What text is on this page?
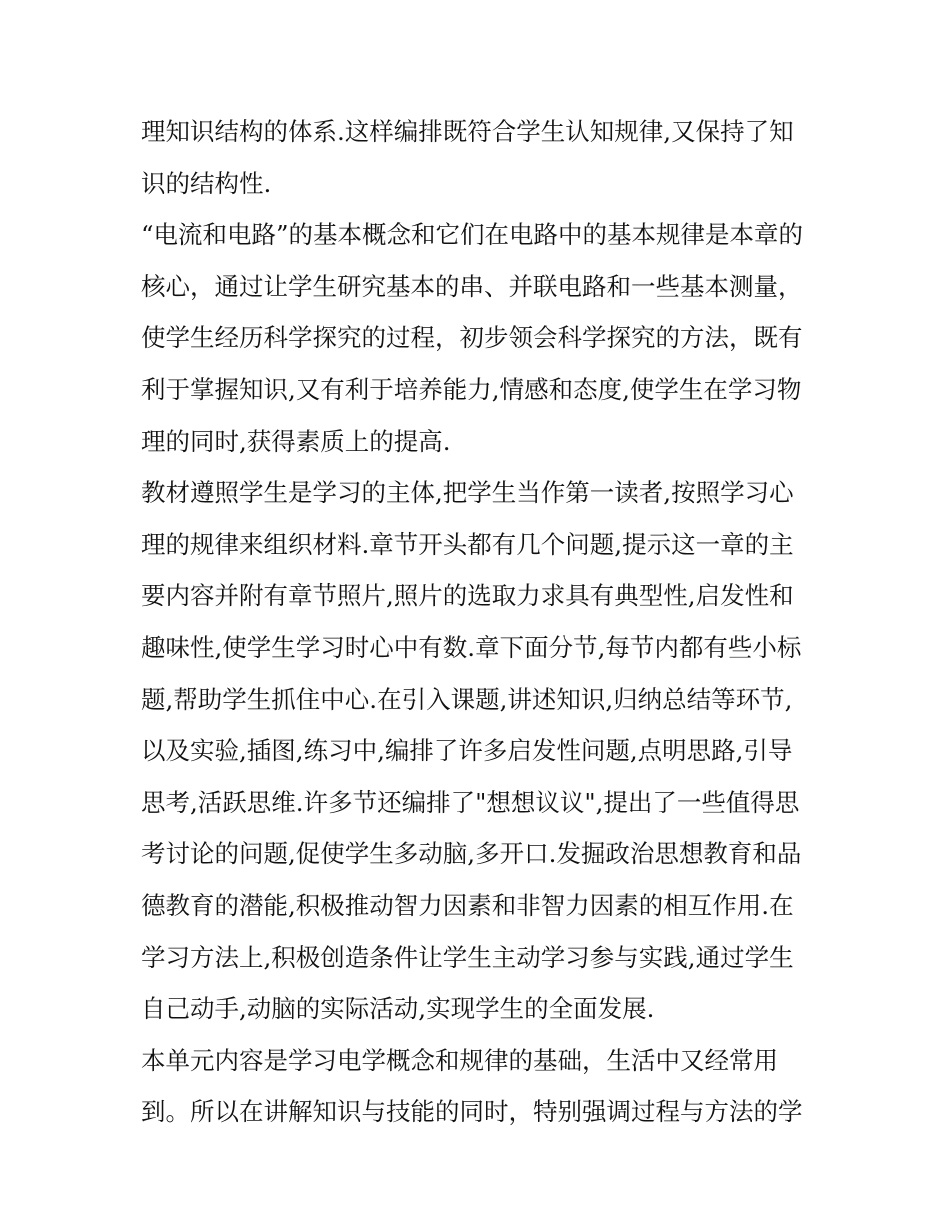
理知识结构的体系.这样编排既符合学生认知规律,又保持了知
识的结构性.
“电流和电路”的基本概念和它们在电路中的基本规律是本章的
核心，通过让学生研究基本的串、并联电路和一些基本测量，
使学生经历科学探究的过程，初步领会科学探究的方法，既有
利于掌握知识,又有利于培养能力,情感和态度,使学生在学习物
理的同时,获得素质上的提高.
教材遵照学生是学习的主体,把学生当作第一读者,按照学习心
理的规律来组织材料.章节开头都有几个问题,提示这一章的主
要内容并附有章节照片,照片的选取力求具有典型性,启发性和
趣味性,使学生学习时心中有数.章下面分节,每节内都有些小标
题,帮助学生抓住中心.在引入课题,讲述知识,归纳总结等环节,
以及实验,插图,练习中,编排了许多启发性问题,点明思路,引导
思考,活跃思维.许多节还编排了"想想议议",提出了一些值得思
考讨论的问题,促使学生多动脑,多开口.发掘政治思想教育和品
德教育的潜能,积极推动智力因素和非智力因素的相互作用.在
学习方法上,积极创造条件让学生主动学习参与实践,通过学生
自己动手,动脑的实际活动,实现学生的全面发展.
本单元内容是学习电学概念和规律的基础，生活中又经常用
到。所以在讲解知识与技能的同时，特别强调过程与方法的学
